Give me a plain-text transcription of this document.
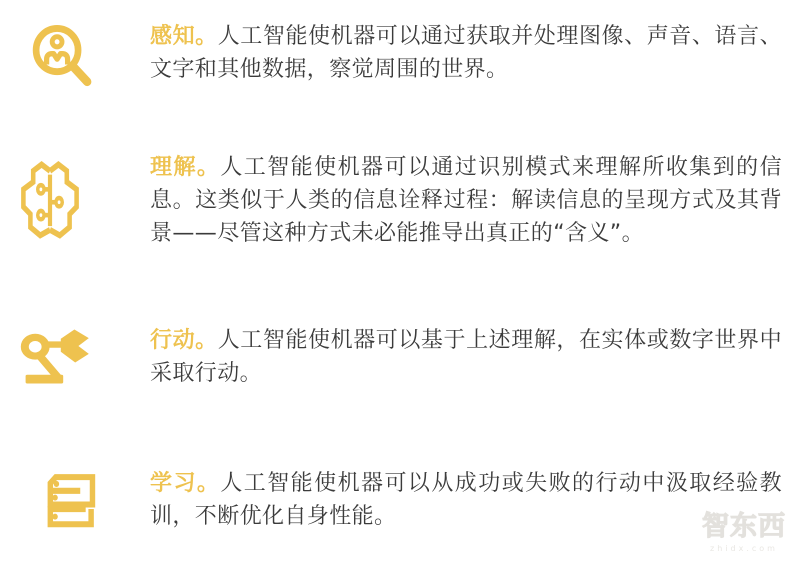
感知。人工智能使机器可以通过获取并处理图像、声音、语言、文字和其他数据，察觉周围的世界。

理解。人工智能使机器可以通过识别模式来理解所收集到的信息。这类似于人类的信息诠释过程：解读信息的呈现方式及其背景——尽管这种方式未必能推导出真正的“含义”。

行动。人工智能使机器可以基于上述理解，在实体或数字世界中采取行动。

学习。人工智能使机器可以从成功或失败的行动中汲取经验教训，不断优化自身性能。	智东西
zhidx.com
